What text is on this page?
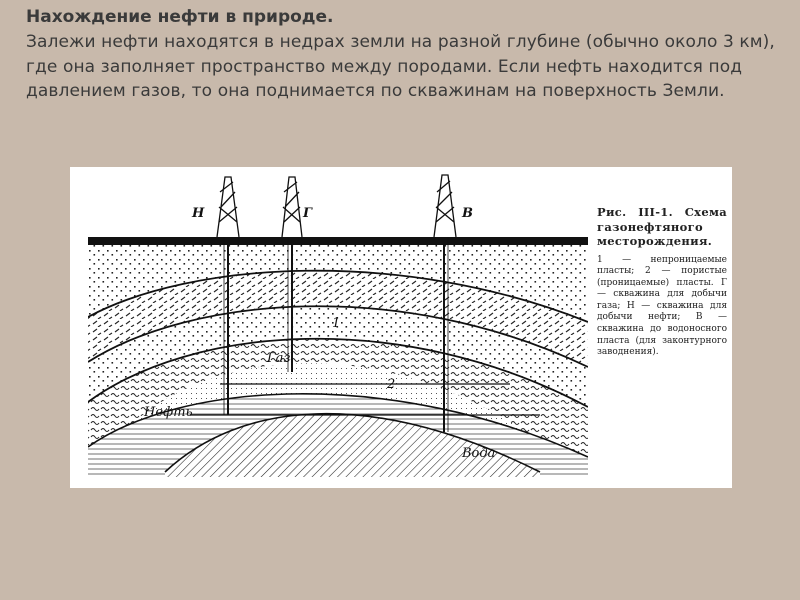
Нахождение нефти в природе.

Залежи нефти находятся в недрах земли на разной глубине (обычно около 3 км), где она заполняет пространство между породами. Если нефть находится под давлением газов, то она поднимается по скважинам на поверхность Земли.

Н	Г	В
1
2
Газ
Нефть
Вода

Рис. III-1. Схема газонефтяного месторождения.

1 — непроницаемые пласты; 2 — пористые (проницаемые) пласты. Г — скважина для добычи газа; Н — скважина для добычи нефти; В — скважина до водоносного пласта (для законтурного заводнения).
